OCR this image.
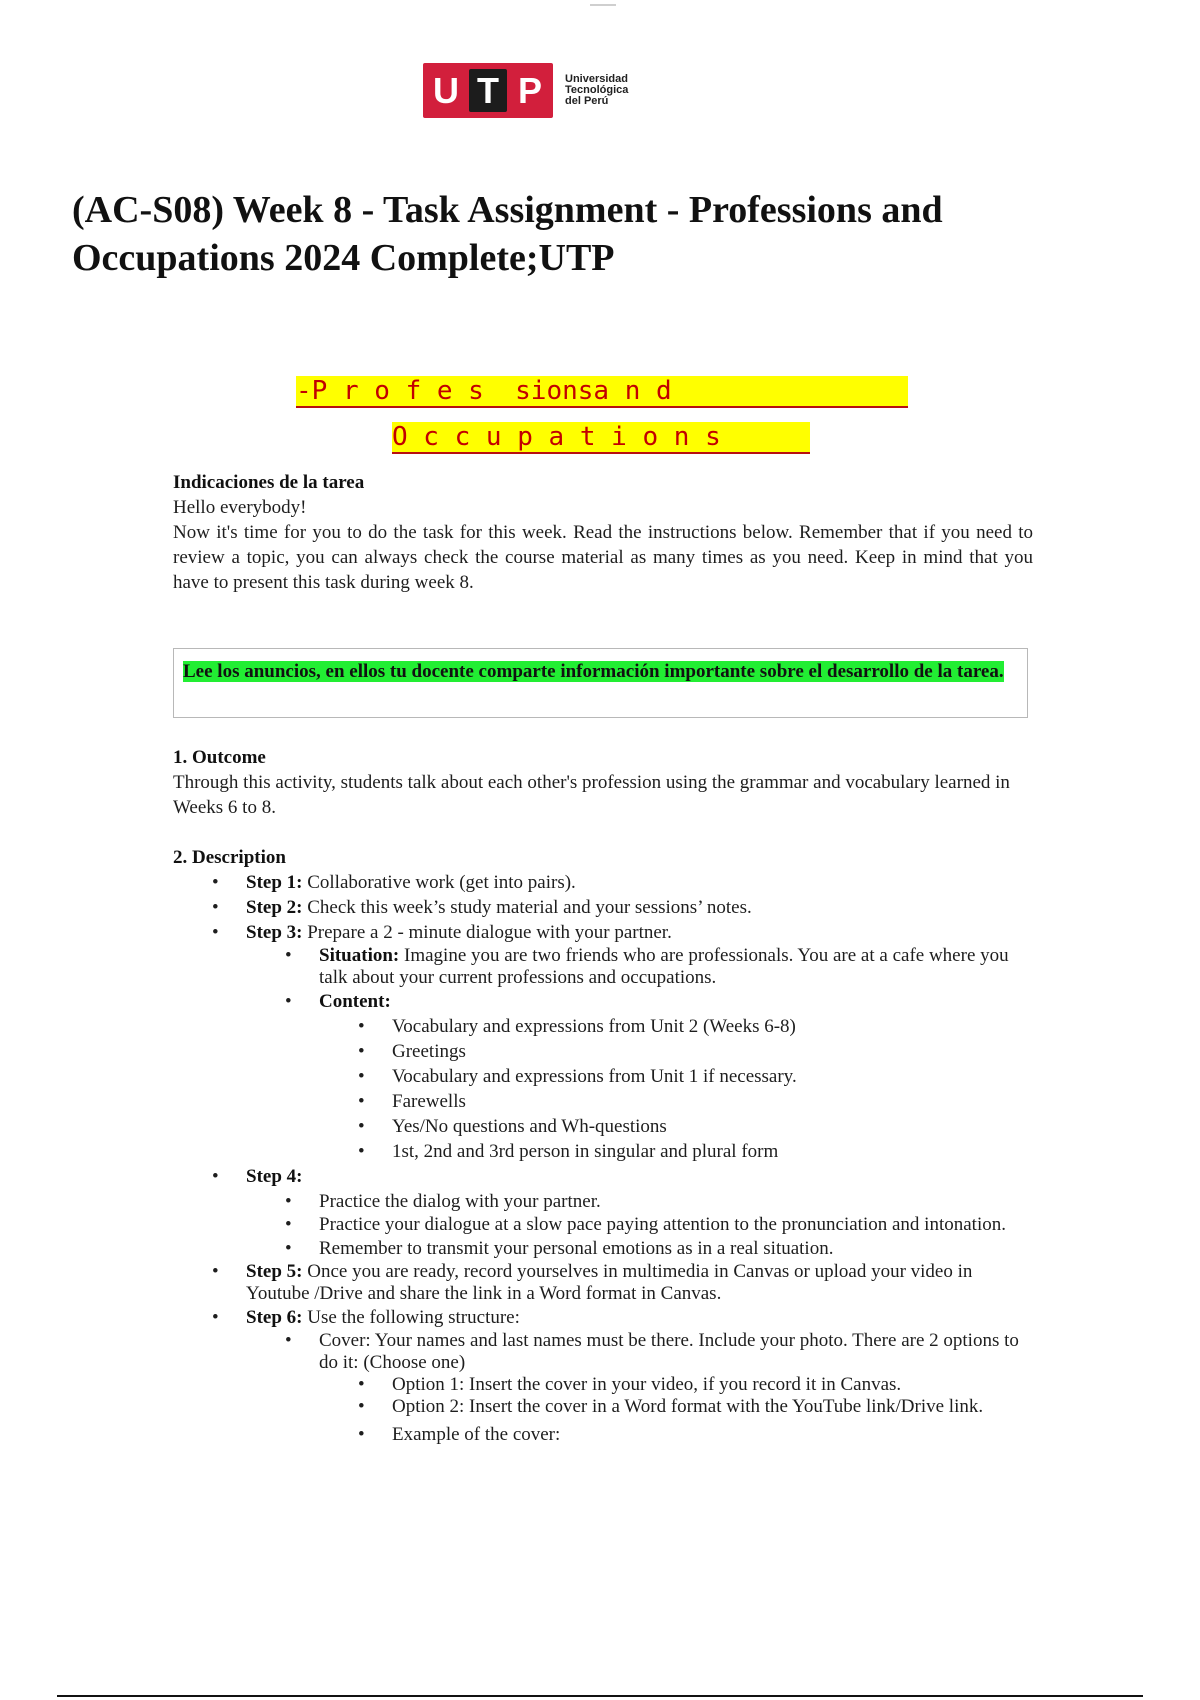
U T P	Universidad
Tecnológica
del Perú
(AC-S08) Week 8 - Task Assignment - Professions and Occupations 2024 Complete;UTP
-P r o f e s  sionsa n d
O c c u p a t i o n s
Indicaciones de la tarea
Hello everybody!
Now it's time for you to do the task for this week. Read the instructions below. Remember that if you need to review a topic, you can always check the course material as many times as you need. Keep in mind that you have to present this task during week 8.
Lee los anuncios, en ellos tu docente comparte información importante sobre el desarrollo de la tarea.
1. Outcome
Through this activity, students talk about each other's profession using the grammar and vocabulary learned in Weeks 6 to 8.
2. Description
• Step 1: Collaborative work (get into pairs).
• Step 2: Check this week’s study material and your sessions’ notes.
• Step 3: Prepare a 2 - minute dialogue with your partner.
• Situation: Imagine you are two friends who are professionals. You are at a cafe where you talk about your current professions and occupations.
• Content:
• Vocabulary and expressions from Unit 2 (Weeks 6-8)
• Greetings
• Vocabulary and expressions from Unit 1 if necessary.
• Farewells
• Yes/No questions and Wh-questions
• 1st, 2nd and 3rd person in singular and plural form
• Step 4:
• Practice the dialog with your partner.
• Practice your dialogue at a slow pace paying attention to the pronunciation and intonation.
• Remember to transmit your personal emotions as in a real situation.
• Step 5: Once you are ready, record yourselves in multimedia in Canvas or upload your video in Youtube /Drive and share the link in a Word format in Canvas.
• Step 6: Use the following structure:
• Cover: Your names and last names must be there. Include your photo. There are 2 options to do it: (Choose one)
• Option 1: Insert the cover in your video, if you record it in Canvas.
• Option 2: Insert the cover in a Word format with the YouTube link/Drive link.
• Example of the cover:
